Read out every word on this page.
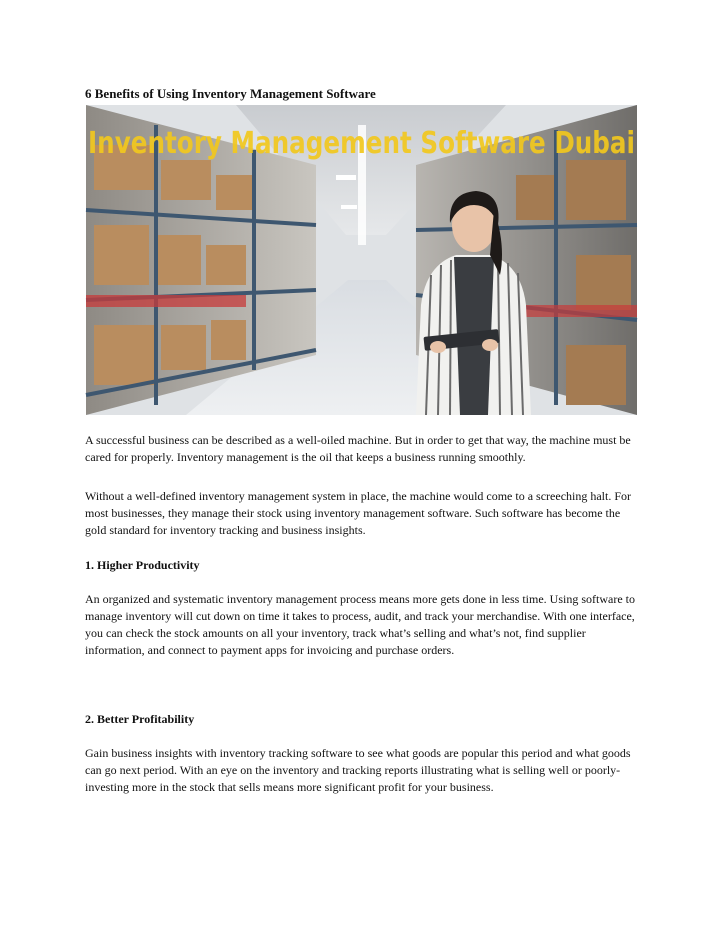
6 Benefits of Using Inventory Management Software
Inventory Management Software Dubai

A successful business can be described as a well-oiled machine. But in order to get that way, the machine must be cared for properly. Inventory management is the oil that keeps a business running smoothly.

Without a well-defined inventory management system in place, the machine would come to a screeching halt. For most businesses, they manage their stock using inventory management software. Such software has become the gold standard for inventory tracking and business insights.

1. Higher Productivity

An organized and systematic inventory management process means more gets done in less time. Using software to manage inventory will cut down on time it takes to process, audit, and track your merchandise. With one interface, you can check the stock amounts on all your inventory, track what’s selling and what’s not, find supplier information, and connect to payment apps for invoicing and purchase orders.

2. Better Profitability

Gain business insights with inventory tracking software to see what goods are popular this period and what goods can go next period. With an eye on the inventory and tracking reports illustrating what is selling well or poorly- investing more in the stock that sells means more significant profit for your business.
